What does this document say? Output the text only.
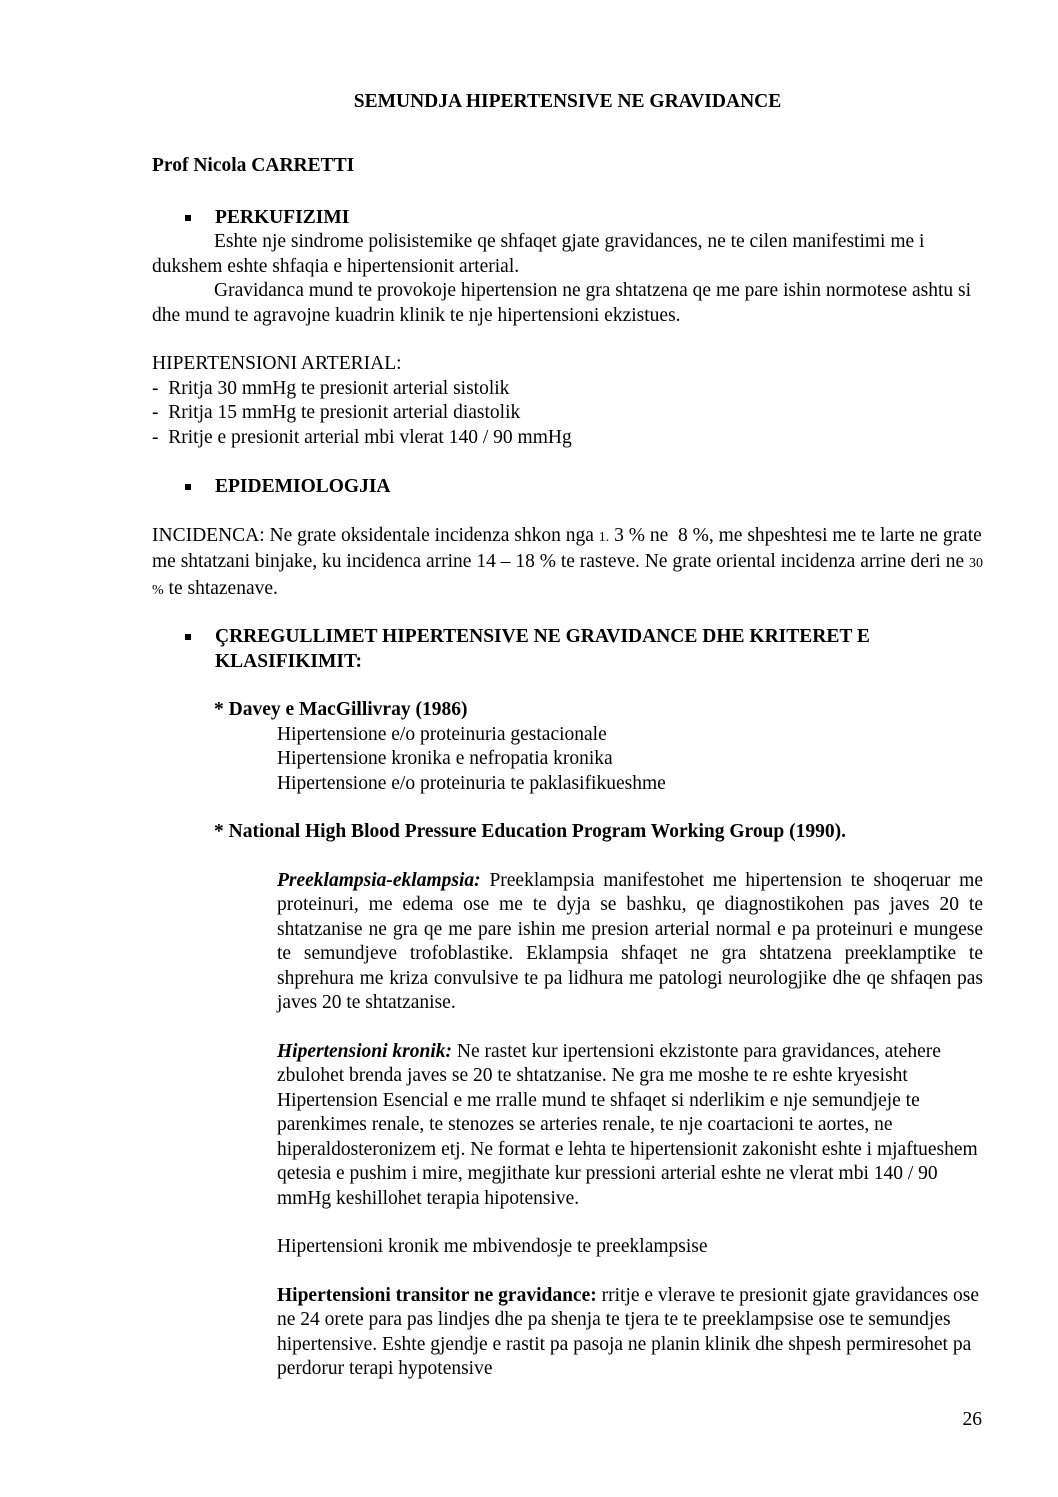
SEMUNDJA HIPERTENSIVE NE GRAVIDANCE

Prof Nicola CARRETTI

PERKUFIZIMI

Eshte nje sindrome polisistemike qe shfaqet gjate gravidances, ne te cilen manifestimi me i dukshem eshte shfaqia e hipertensionit arterial.

Gravidanca mund te provokoje hipertension ne gra shtatzena qe me pare ishin normotese ashtu si dhe mund te agravojne kuadrin klinik te nje hipertensioni ekzistues.

HIPERTENSIONI ARTERIAL:

-  Rritja 30 mmHg te presionit arterial sistolik

-  Rritja 15 mmHg te presionit arterial diastolik

-  Rritje e presionit arterial mbi vlerat 140 / 90 mmHg

EPIDEMIOLOGJIA

INCIDENCA: Ne grate oksidentale incidenza shkon nga 1. 3 % ne  8 %, me shpeshtesi me te larte ne grate me shtatzani binjake, ku incidenca arrine 14 – 18 % te rasteve. Ne grate oriental incidenza arrine deri ne 30 % te shtazenave.

ÇRREGULLIMET HIPERTENSIVE NE GRAVIDANCE DHE KRITERET E KLASIFIKIMIT:

* Davey e MacGillivray (1986)

Hipertensione e/o proteinuria gestacionale

Hipertensione kronika e nefropatia kronika

Hipertensione e/o proteinuria te paklasifikueshme

* National High Blood Pressure Education Program Working Group (1990).

Preeklampsia-eklampsia: Preeklampsia manifestohet me hipertension te shoqeruar me proteinuri, me edema ose me te dyja se bashku, qe diagnostikohen pas javes 20 te shtatzanise ne gra qe me pare ishin me presion arterial normal e pa proteinuri e mungese te semundjeve trofoblastike. Eklampsia shfaqet ne gra shtatzena preeklamptike te shprehura me kriza convulsive te pa lidhura me patologi neurologjike dhe qe shfaqen pas javes 20 te shtatzanise.

Hipertensioni kronik: Ne rastet kur ipertensioni ekzistonte para gravidances, atehere zbulohet brenda javes se 20 te shtatzanise. Ne gra me moshe te re eshte kryesisht Hipertension Esencial e me rralle mund te shfaqet si nderlikim e nje semundjeje te parenkimes renale, te stenozes se arteries renale, te nje coartacioni te aortes, ne hiperaldosteronizem etj. Ne format e lehta te hipertensionit zakonisht eshte i mjaftueshem qetesia e pushim i mire, megjithate kur pressioni arterial eshte ne vlerat mbi 140 / 90 mmHg keshillohet terapia hipotensive.

Hipertensioni kronik me mbivendosje te preeklampsise

Hipertensioni transitor ne gravidance: rritje e vlerave te presionit gjate gravidances ose ne 24 orete para pas lindjes dhe pa shenja te tjera te te preeklampsise ose te semundjes hipertensive. Eshte gjendje e rastit pa pasoja ne planin klinik dhe shpesh permiresohet pa perdorur terapi hypotensive

26
